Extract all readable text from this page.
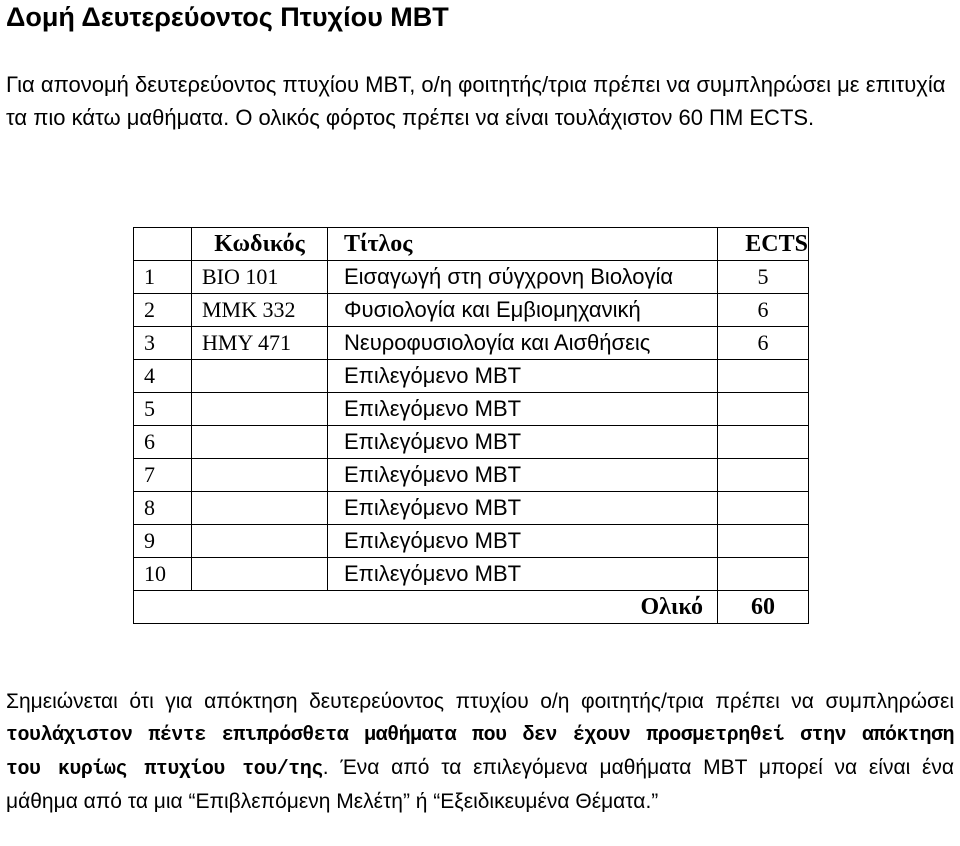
Δομή Δευτερεύοντος Πτυχίου ΜΒΤ

Για απονομή δευτερεύοντος πτυχίου ΜΒΤ, ο/η φοιτητής/τρια πρέπει να συμπληρώσει με επιτυχία τα πιο κάτω μαθήματα. Ο ολικός φόρτος πρέπει να είναι τουλάχιστον 60 ΠΜ ECTS.

	Κωδικός	Τίτλος	ECTS
1	ΒΙΟ 101	Εισαγωγή στη σύγχρονη Βιολογία	5
2	ΜΜΚ 332	Φυσιολογία και Εμβιομηχανική	6
3	ΗΜΥ 471	Νευροφυσιολογία και Αισθήσεις	6
4		Επιλεγόμενο ΜΒΤ	
5		Επιλεγόμενο ΜΒΤ	
6		Επιλεγόμενο ΜΒΤ	
7		Επιλεγόμενο ΜΒΤ	
8		Επιλεγόμενο ΜΒΤ	
9		Επιλεγόμενο ΜΒΤ	
10		Επιλεγόμενο ΜΒΤ	
Ολικό			60

Σημειώνεται ότι για απόκτηση δευτερεύοντος πτυχίου ο/η φοιτητής/τρια πρέπει να συμπληρώσει τουλάχιστον πέντε επιπρόσθετα μαθήματα που δεν έχουν προσμετρηθεί στην απόκτηση του κυρίως πτυχίου του/της. Ένα από τα επιλεγόμενα μαθήματα ΜΒΤ μπορεί να είναι ένα μάθημα από τα μια “Επιβλεπόμενη Μελέτη” ή “Εξειδικευμένα Θέματα.”
